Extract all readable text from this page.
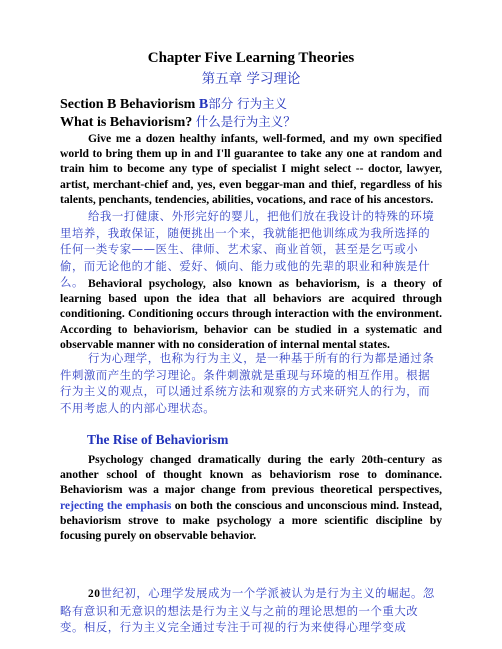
Chapter Five Learning Theories
第五章 学习理论
Section B Behaviorism B部分 行为主义
What is Behaviorism? 什么是行为主义？
Give me a dozen healthy infants, well-formed, and my own specified world to bring them up in and I'll guarantee to take any one at random and train him to become any type of specialist I might select -- doctor, lawyer, artist, merchant-chief and, yes, even beggar-man and thief, regardless of his talents, penchants, tendencies, abilities, vocations, and race of his ancestors.
给我一打健康、外形完好的婴儿，把他们放在我设计的特殊的环境里培养，我敢保证，随便挑出一个来，我就能把他训练成为我所选择的任何一类专家——医生、律师、艺术家、商业首领，甚至是乞丐或小偷，而无论他的才能、爱好、倾向、能力或他的先辈的职业和种族是什么。 Behavioral psychology, also known as behaviorism, is a theory of learning based upon the idea that all behaviors are acquired through conditioning. Conditioning occurs through interaction with the environment. According to behaviorism, behavior can be studied in a systematic and observable manner with no consideration of internal mental states.
行为心理学，也称为行为主义，是一种基于所有的行为都是通过条件刺激而产生的学习理论。条件刺激就是重现与环境的相互作用。根据行为主义的观点，可以通过系统方法和观察的方式来研究人的行为，而不用考虑人的内部心理状态。
The Rise of Behaviorism
Psychology changed dramatically during the early 20th-century as another school of thought known as behaviorism rose to dominance. Behaviorism was a major change from previous theoretical perspectives, rejecting the emphasis on both the conscious and unconscious mind. Instead, behaviorism strove to make psychology a more scientific discipline by focusing purely on observable behavior.
20世纪初，心理学发展成为一个学派被认为是行为主义的崛起。忽略有意识和无意识的想法是行为主义与之前的理论思想的一个重大改变。相反，行为主义完全通过专注于可视的行为来使得心理学变成
